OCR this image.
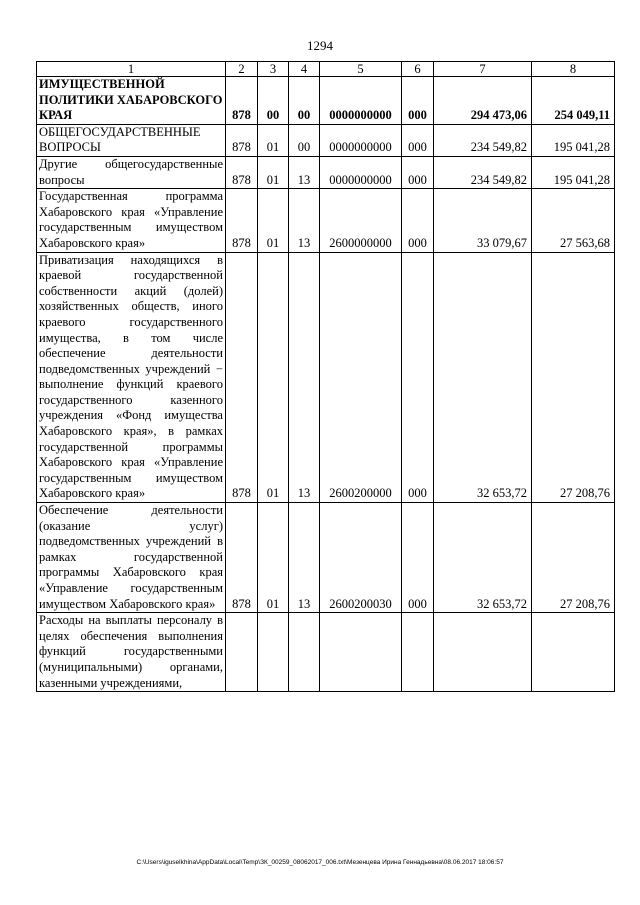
1294
1	2	3	4	5	6	7	8
ИМУЩЕСТВЕННОЙ ПОЛИТИКИ ХАБАРОВСКОГО КРАЯ	878	00	00	0000000000	000	294 473,06	254 049,11
ОБЩЕГОСУДАРСТВЕННЫЕ ВОПРОСЫ	878	01	00	0000000000	000	234 549,82	195 041,28
Другие общегосударственные вопросы	878	01	13	0000000000	000	234 549,82	195 041,28
Государственная программа Хабаровского края «Управление государственным имуществом Хабаровского края»	878	01	13	2600000000	000	33 079,67	27 563,68
Приватизация находящихся в краевой государственной собственности акций (долей) хозяйственных обществ, иного краевого государственного имущества, в том числе обеспечение деятельности подведомственных учреждений − выполнение функций краевого государственного казенного учреждения «Фонд имущества Хабаровского края», в рамках государственной программы Хабаровского края «Управление государственным имуществом Хабаровского края»	878	01	13	2600200000	000	32 653,72	27 208,76
Обеспечение деятельности (оказание услуг) подведомственных учреждений в рамках государственной программы Хабаровского края «Управление государственным имуществом Хабаровского края»	878	01	13	2600200030	000	32 653,72	27 208,76
Расходы на выплаты персоналу в целях обеспечения выполнения функций государственными (муниципальными) органами, казенными учреждениями,							
C:\Users\iguselkhina\AppData\Local\Temp\ЗК_00259_08062017_006.txt\Мезенцева Ирина Геннадьевна\08.06.2017 18:06:57
